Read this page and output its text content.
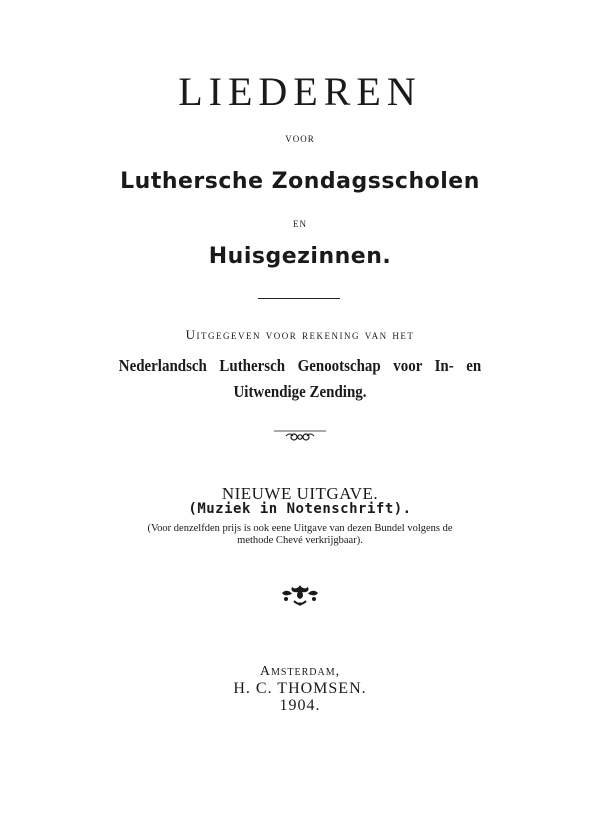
LIEDEREN
VOOR
Luthersche Zondagsscholen
EN
Huisgezinnen.
Uitgegeven voor rekening van het
Nederlandsch Luthersch Genootschap voor In- en
Uitwendige Zending.
NIEUWE UITGAVE.
(Muziek in Notenschrift).
(Voor denzelfden prijs is ook eene Uitgave van dezen Bundel volgens de
methode Chevé verkrijgbaar).
Amsterdam,
H. C. THOMSEN.
1904.
